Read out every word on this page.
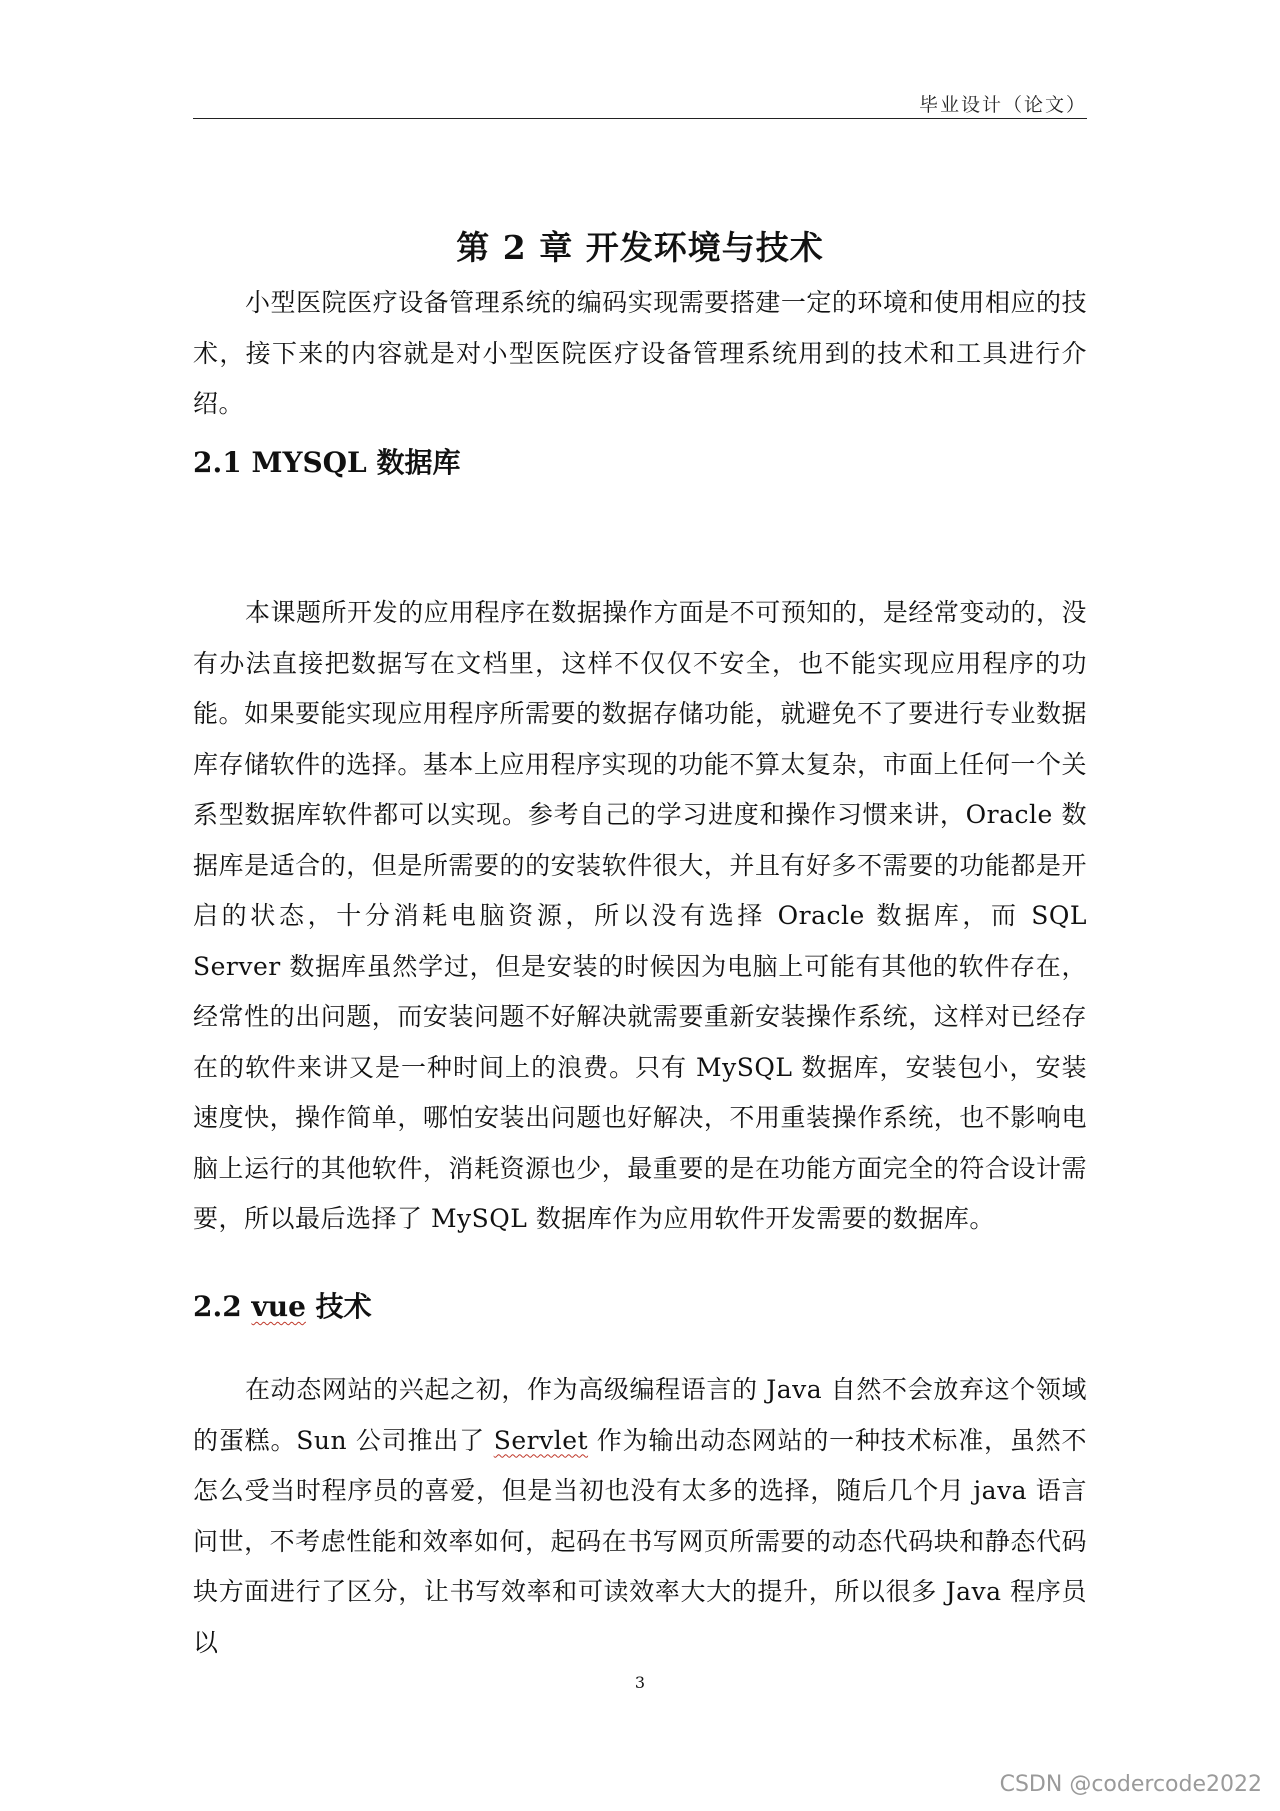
毕业设计（论文）
第 2 章 开发环境与技术

小型医院医疗设备管理系统的编码实现需要搭建一定的环境和使用相应的技术，接下来的内容就是对小型医院医疗设备管理系统用到的技术和工具进行介绍。

2.1 MYSQL 数据库

本课题所开发的应用程序在数据操作方面是不可预知的，是经常变动的，没有办法直接把数据写在文档里，这样不仅仅不安全，也不能实现应用程序的功能。如果要能实现应用程序所需要的数据存储功能，就避免不了要进行专业数据库存储软件的选择。基本上应用程序实现的功能不算太复杂，市面上任何一个关系型数据库软件都可以实现。参考自己的学习进度和操作习惯来讲，Oracle 数据库是适合的，但是所需要的的安装软件很大，并且有好多不需要的功能都是开启的状态，十分消耗电脑资源，所以没有选择 Oracle 数据库，而 SQL Server 数据库虽然学过，但是安装的时候因为电脑上可能有其他的软件存在，经常性的出问题，而安装问题不好解决就需要重新安装操作系统，这样对已经存在的软件来讲又是一种时间上的浪费。只有 MySQL 数据库，安装包小，安装速度快，操作简单，哪怕安装出问题也好解决，不用重装操作系统，也不影响电脑上运行的其他软件，消耗资源也少，最重要的是在功能方面完全的符合设计需要，所以最后选择了 MySQL 数据库作为应用软件开发需要的数据库。

2.2 vue 技术

在动态网站的兴起之初，作为高级编程语言的 Java 自然不会放弃这个领域的蛋糕。Sun 公司推出了 Servlet 作为输出动态网站的一种技术标准，虽然不怎么受当时程序员的喜爱，但是当初也没有太多的选择，随后几个月 java 语言问世，不考虑性能和效率如何，起码在书写网页所需要的动态代码块和静态代码块方面进行了区分，让书写效率和可读效率大大的提升，所以很多 Java 程序员以

3
CSDN @codercode2022
